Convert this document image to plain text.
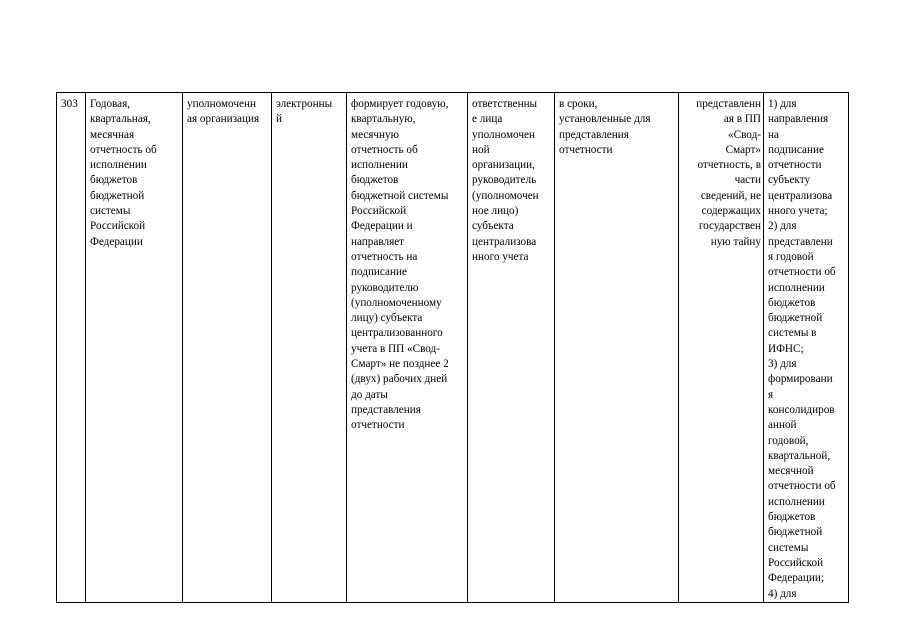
303	Годовая,
квартальная,
месячная
отчетность об
исполнении
бюджетов
бюджетной
системы
Российской
Федерации	уполномоченн
ая организация	электронны
й	формирует годовую,
квартальную,
месячную
отчетность об
исполнении
бюджетов
бюджетной системы
Российской
Федерации и
направляет
отчетность на
подписание
руководителю
(уполномоченному
лицу) субъекта
централизованного
учета в ПП «Свод-
Смарт» не позднее 2
(двух) рабочих дней
до даты
представления
отчетности	ответственны
е лица
уполномочен
ной
организации,
руководитель
(уполномочен
ное лицо)
субъекта
централизова
нного учета	в сроки,
установленные для
представления
отчетности	представленн
ая в ПП
«Свод-
Смарт»
отчетность, в
части
сведений, не
содержащих
государствен
ную тайну	1) для
направления
на
подписание
отчетности
субъекту
централизова
нного учета;
2) для
представлени
я годовой
отчетности об
исполнении
бюджетов
бюджетной
системы в
ИФНС;
3) для
формировани
я
консолидиров
анной
годовой,
квартальной,
месячной
отчетности об
исполнении
бюджетов
бюджетной
системы
Российской
Федерации;
4) для
